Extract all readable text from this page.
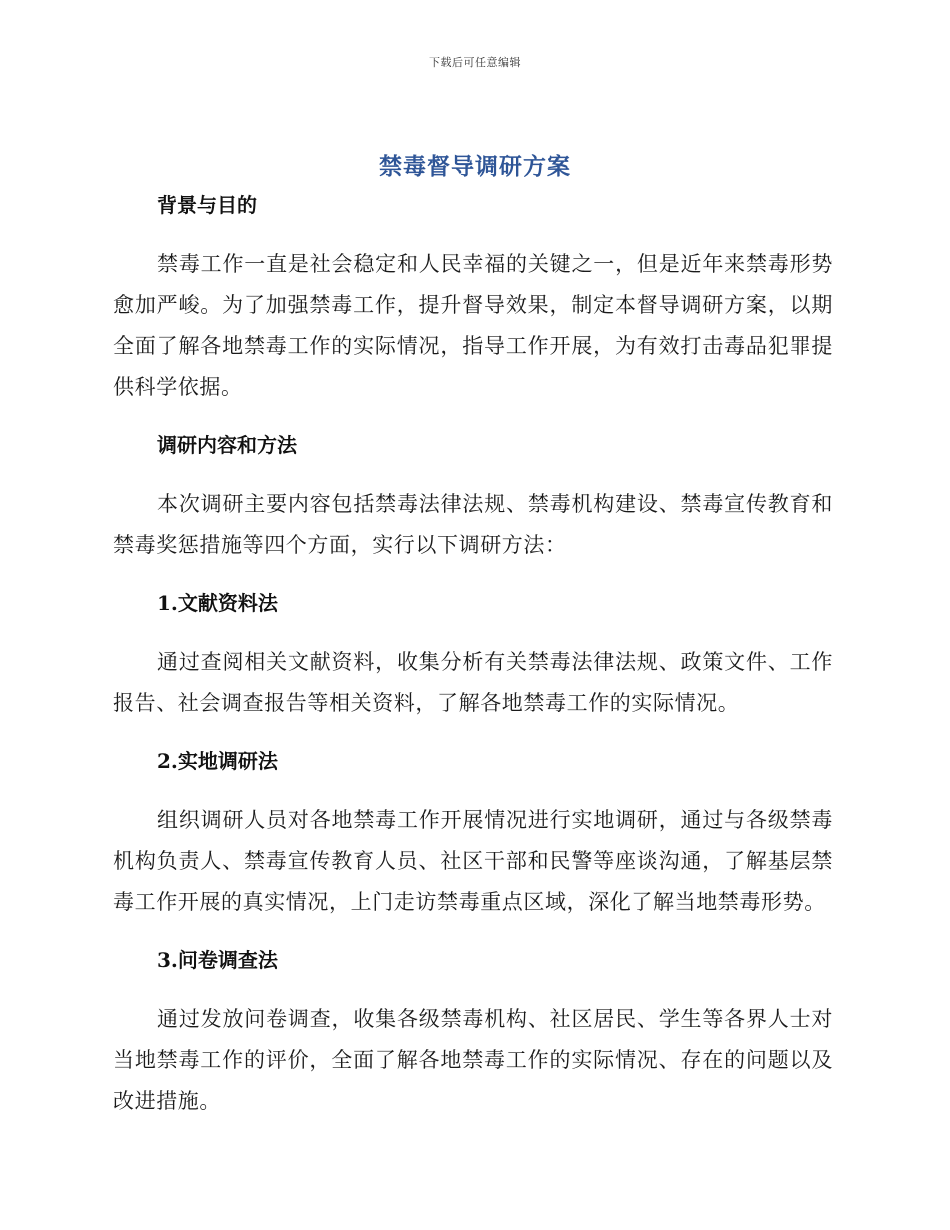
下载后可任意编辑
禁毒督导调研方案
背景与目的
禁毒工作一直是社会稳定和人民幸福的关键之一，但是近年来禁毒形势愈加严峻。为了加强禁毒工作，提升督导效果，制定本督导调研方案，以期全面了解各地禁毒工作的实际情况，指导工作开展，为有效打击毒品犯罪提供科学依据。
调研内容和方法
本次调研主要内容包括禁毒法律法规、禁毒机构建设、禁毒宣传教育和禁毒奖惩措施等四个方面，实行以下调研方法：
1.文献资料法
通过查阅相关文献资料，收集分析有关禁毒法律法规、政策文件、工作报告、社会调查报告等相关资料，了解各地禁毒工作的实际情况。
2.实地调研法
组织调研人员对各地禁毒工作开展情况进行实地调研，通过与各级禁毒机构负责人、禁毒宣传教育人员、社区干部和民警等座谈沟通，了解基层禁毒工作开展的真实情况，上门走访禁毒重点区域，深化了解当地禁毒形势。
3.问卷调查法
通过发放问卷调查，收集各级禁毒机构、社区居民、学生等各界人士对当地禁毒工作的评价，全面了解各地禁毒工作的实际情况、存在的问题以及改进措施。
